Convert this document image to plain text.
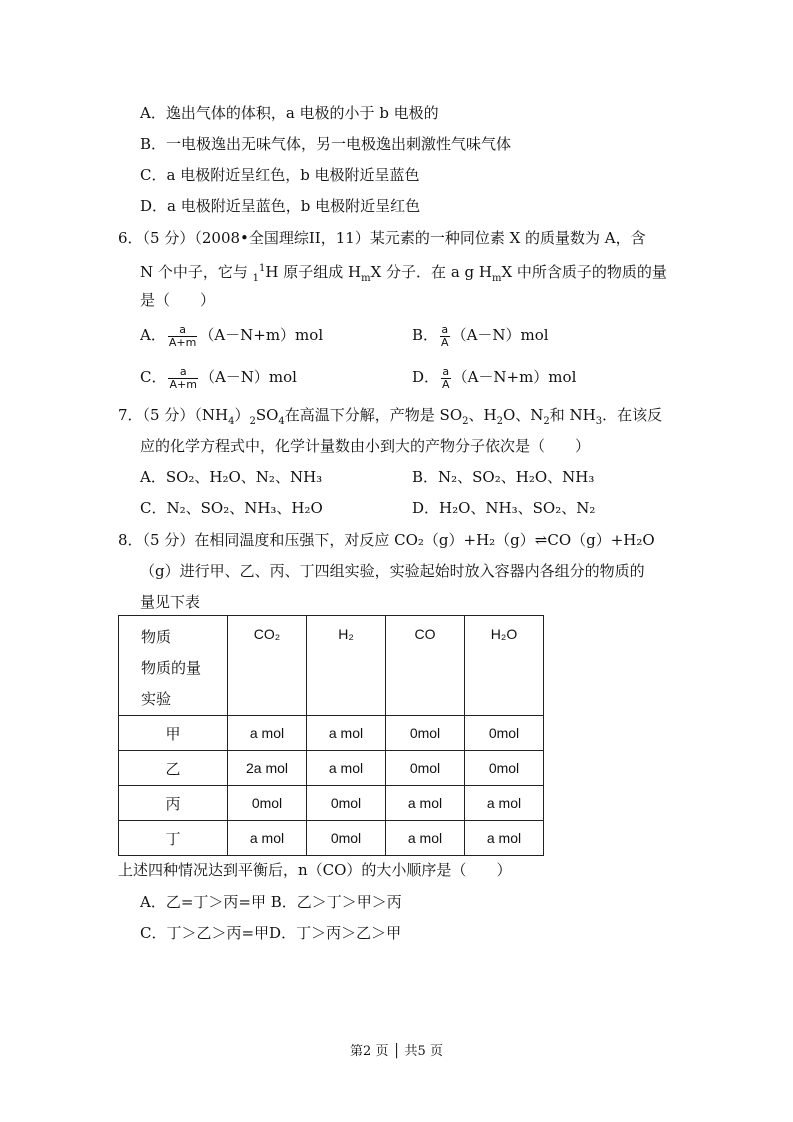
A．逸出气体的体积，a 电极的小于 b 电极的
B．一电极逸出无味气体，另一电极逸出刺激性气味气体
C．a 电极附近呈红色，b 电极附近呈蓝色
D．a 电极附近呈蓝色，b 电极附近呈红色
6．（5 分）（2008•全国理综II，11）某元素的一种同位素 X 的质量数为 A，含
N 个中子，它与 $_1^1$H 原子组成 $H_mX$ 分子．在 a g $H_mX$ 中所含质子的物质的量
是（　　）
A． $\frac{a}{A+m} (A-N+m)mol$	B． $\frac{a}{A} (A-N)mol$
C． $\frac{a}{A+m} (A-N)mol$	D． $\frac{a}{A} (A-N+m)mol$
7．（5 分）$(NH_4)_2SO_4$在高温下分解，产物是 $SO_2$、$H_2O$、$N_2$和 $NH_3$．在该反
应的化学方程式中，化学计量数由小到大的产物分子依次是（　　）
A．SO₂、H₂O、N₂、NH₃	B．N₂、SO₂、H₂O、NH₃
C．N₂、SO₂、NH₃、H₂O	D．H₂O、NH₃、SO₂、N₂
8．（5 分）在相同温度和压强下，对反应 CO₂（g）+H₂（g）⇌CO（g）+H₂O
（g）进行甲、乙、丙、丁四组实验，实验起始时放入容器内各组分的物质的
量见下表
物质
物质的量
实验	CO₂	H₂	CO	H₂O
甲	a mol	a mol	0mol	0mol
乙	2a mol	a mol	0mol	0mol
丙	0mol	0mol	a mol	a mol
丁	a mol	0mol	a mol	a mol
上述四种情况达到平衡后，n（CO）的大小顺序是（　　）
A．乙=丁＞丙=甲 B．乙＞丁＞甲＞丙
C．丁＞乙＞丙=甲D．丁＞丙＞乙＞甲
第2 页 │ 共5 页
